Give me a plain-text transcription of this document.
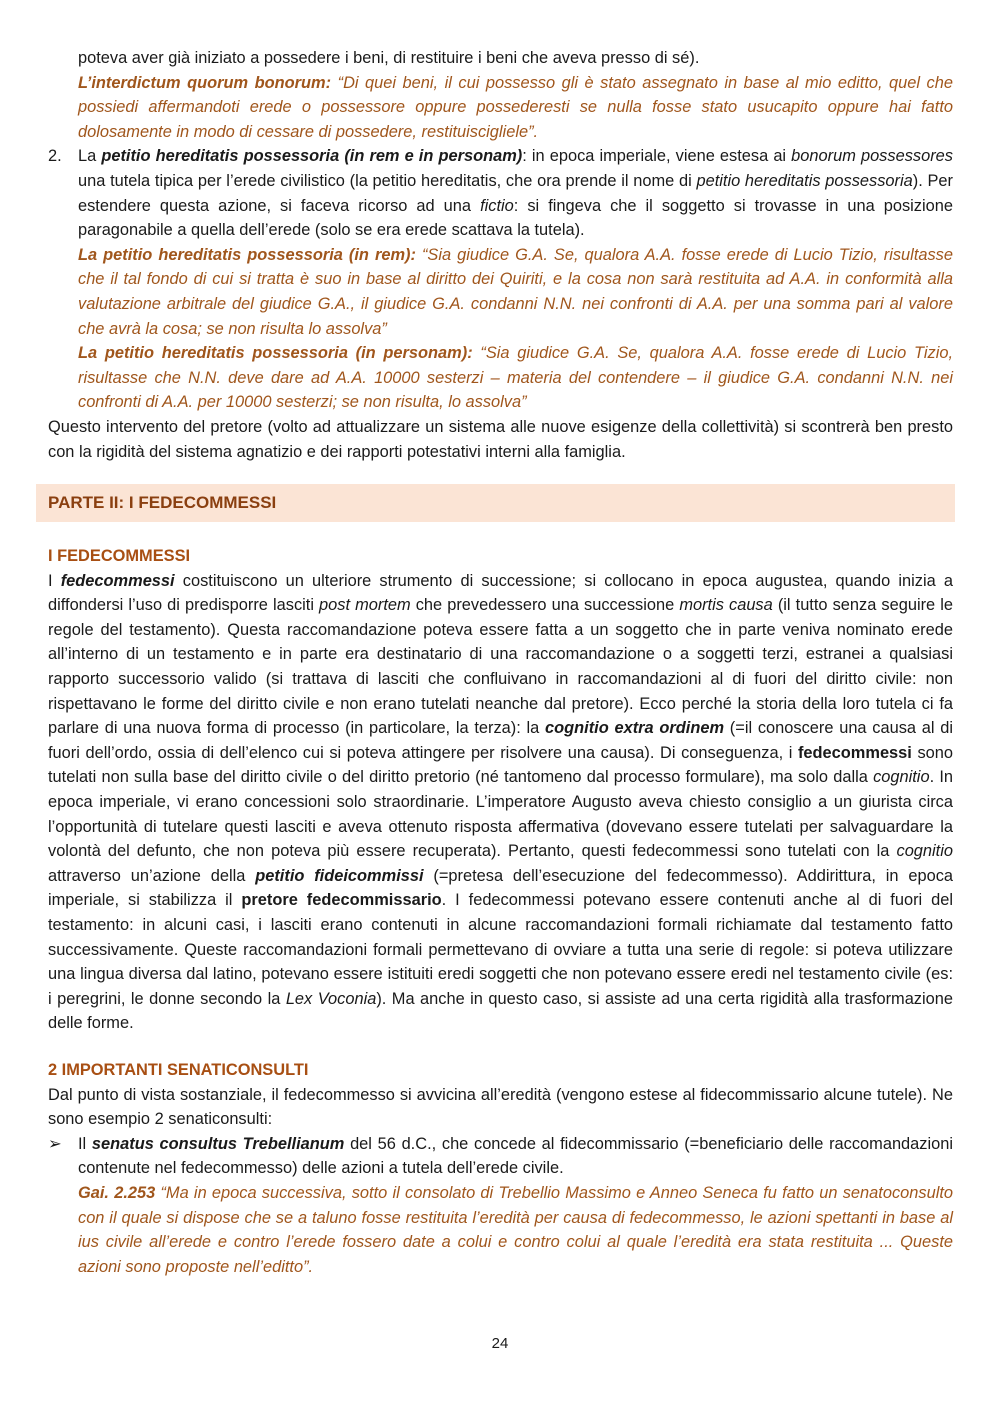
poteva aver già iniziato a possedere i beni, di restituire i beni che aveva presso di sé).

L’interdictum quorum bonorum: “Di quei beni, il cui possesso gli è stato assegnato in base al mio editto, quel che possiedi affermandoti erede o possessore oppure possederesti se nulla fosse stato usucapito oppure hai fatto dolosamente in modo di cessare di possedere, restituiscigliele”.

2. La petitio hereditatis possessoria (in rem e in personam): in epoca imperiale, viene estesa ai bonorum possessores una tutela tipica per l’erede civilistico (la petitio hereditatis, che ora prende il nome di petitio hereditatis possessoria). Per estendere questa azione, si faceva ricorso ad una fictio: si fingeva che il soggetto si trovasse in una posizione paragonabile a quella dell’erede (solo se era erede scattava la tutela).

La petitio hereditatis possessoria (in rem): “Sia giudice G.A. Se, qualora A.A. fosse erede di Lucio Tizio, risultasse che il tal fondo di cui si tratta è suo in base al diritto dei Quiriti, e la cosa non sarà restituita ad A.A. in conformità alla valutazione arbitrale del giudice G.A., il giudice G.A. condanni N.N. nei confronti di A.A. per una somma pari al valore che avrà la cosa; se non risulta lo assolva”

La petitio hereditatis possessoria (in personam): “Sia giudice G.A. Se, qualora A.A. fosse erede di Lucio Tizio, risultasse che N.N. deve dare ad A.A. 10000 sesterzi – materia del contendere – il giudice G.A. condanni N.N. nei confronti di A.A. per 10000 sesterzi; se non risulta, lo assolva”

Questo intervento del pretore (volto ad attualizzare un sistema alle nuove esigenze della collettività) si scontrerà ben presto con la rigidità del sistema agnatizio e dei rapporti potestativi interni alla famiglia.

PARTE II: I FEDECOMMESSI

I FEDECOMMESSI

I fedecommessi costituiscono un ulteriore strumento di successione; si collocano in epoca augustea, quando inizia a diffondersi l’uso di predisporre lasciti post mortem che prevedessero una successione mortis causa (il tutto senza seguire le regole del testamento). Questa raccomandazione poteva essere fatta a un soggetto che in parte veniva nominato erede all’interno di un testamento e in parte era destinatario di una raccomandazione o a soggetti terzi, estranei a qualsiasi rapporto successorio valido (si trattava di lasciti che confluivano in raccomandazioni al di fuori del diritto civile: non rispettavano le forme del diritto civile e non erano tutelati neanche dal pretore). Ecco perché la storia della loro tutela ci fa parlare di una nuova forma di processo (in particolare, la terza): la cognitio extra ordinem (=il conoscere una causa al di fuori dell’ordo, ossia di dell’elenco cui si poteva attingere per risolvere una causa). Di conseguenza, i fedecommessi sono tutelati non sulla base del diritto civile o del diritto pretorio (né tantomeno dal processo formulare), ma solo dalla cognitio. In epoca imperiale, vi erano concessioni solo straordinarie. L’imperatore Augusto aveva chiesto consiglio a un giurista circa l’opportunità di tutelare questi lasciti e aveva ottenuto risposta affermativa (dovevano essere tutelati per salvaguardare la volontà del defunto, che non poteva più essere recuperata). Pertanto, questi fedecommessi sono tutelati con la cognitio attraverso un’azione della petitio fideicommissi (=pretesa dell’esecuzione del fedecommesso). Addirittura, in epoca imperiale, si stabilizza il pretore fedecommissario. I fedecommessi potevano essere contenuti anche al di fuori del testamento: in alcuni casi, i lasciti erano contenuti in alcune raccomandazioni formali richiamate dal testamento fatto successivamente. Queste raccomandazioni formali permettevano di ovviare a tutta una serie di regole: si poteva utilizzare una lingua diversa dal latino, potevano essere istituiti eredi soggetti che non potevano essere eredi nel testamento civile (es: i peregrini, le donne secondo la Lex Voconia). Ma anche in questo caso, si assiste ad una certa rigidità alla trasformazione delle forme.

2 IMPORTANTI SENATICONSULTI

Dal punto di vista sostanziale, il fedecommesso si avvicina all’eredità (vengono estese al fidecommissario alcune tutele). Ne sono esempio 2 senaticonsulti:

➢ Il senatus consultus Trebellianum del 56 d.C., che concede al fidecommissario (=beneficiario delle raccomandazioni contenute nel fedecommesso) delle azioni a tutela dell’erede civile.

Gai. 2.253 “Ma in epoca successiva, sotto il consolato di Trebellio Massimo e Anneo Seneca fu fatto un senatoconsulto con il quale si dispose che se a taluno fosse restituita l’eredità per causa di fedecommesso, le azioni spettanti in base al ius civile all’erede e contro l’erede fossero date a colui e contro colui al quale l’eredità era stata restituita ... Queste azioni sono proposte nell’editto”.

24
